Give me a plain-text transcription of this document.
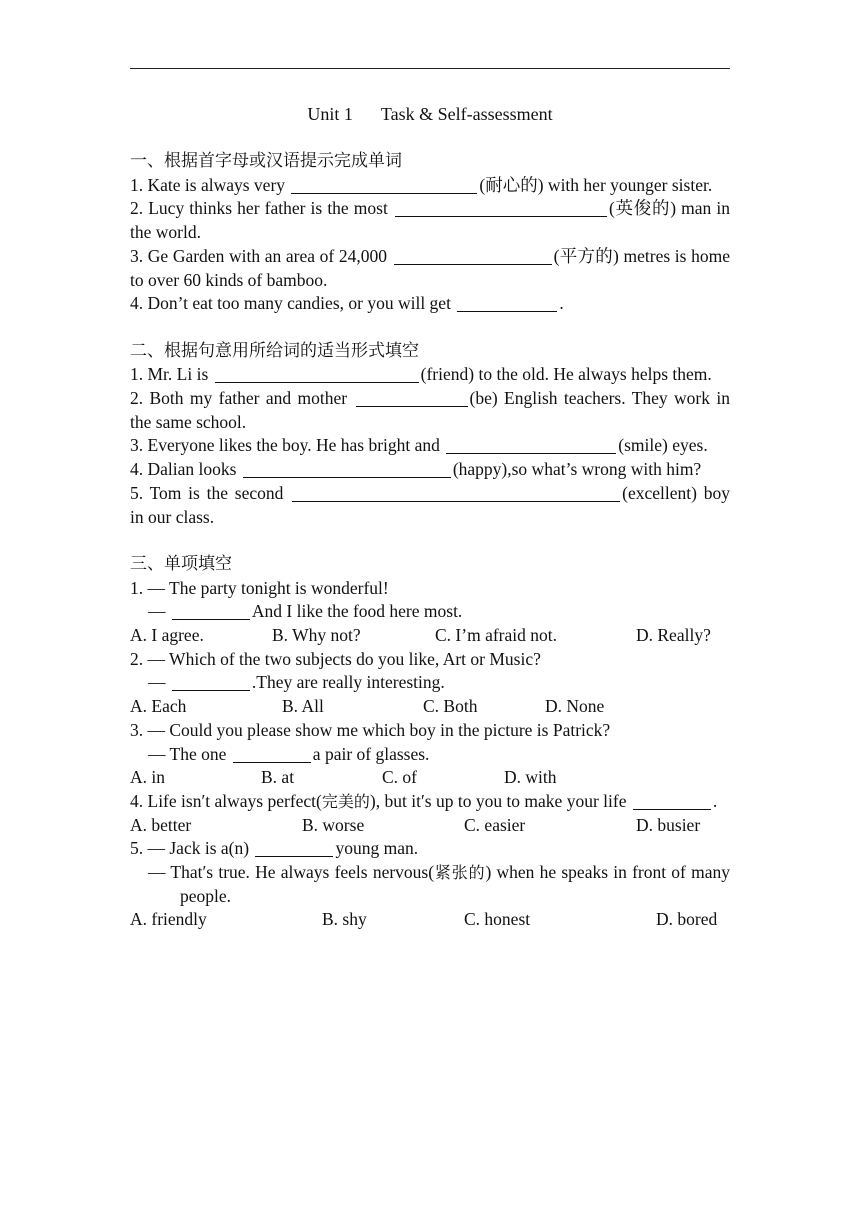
Unit 1 Task & Self-assessment
一、根据首字母或汉语提示完成单词
1. Kate is always very	(耐心的) with her younger sister.
2. Lucy thinks her father is the most	(英俊的) man in the world.
3. Ge Garden with an area of 24,000	(平方的) metres is home to over 60 kinds of bamboo.
4. Don’t eat too many candies, or you will get	.
二、根据句意用所给词的适当形式填空
1. Mr. Li is	(friend) to the old. He always helps them.
2. Both my father and mother	(be) English teachers. They work in the same school.
3. Everyone likes the boy. He has bright and	(smile) eyes.
4. Dalian looks	(happy),so what’s wrong with him?
5. Tom is the second	(excellent) boy in our class.
三、单项填空
1. — The party tonight is wonderful!
—	And I like the food here most.
A. I agree.	B. Why not?	C. I’m afraid not.	D. Really?
2. — Which of the two subjects do you like, Art or Music?
—	.They are really interesting.
A. Each	B. All	C. Both	D. None
3. — Could you please show me which boy in the picture is Patrick?
— The one	a pair of glasses.
A. in	B. at	C. of	D. with
4. Life isn′t always perfect(完美的), but it′s up to you to make your life	.
A. better	B. worse	C. easier	D. busier
5. — Jack is a(n)	young man.
— That′s true. He always feels nervous(紧张的) when he speaks in front of many people.
A. friendly	B. shy	C. honest	D. bored
